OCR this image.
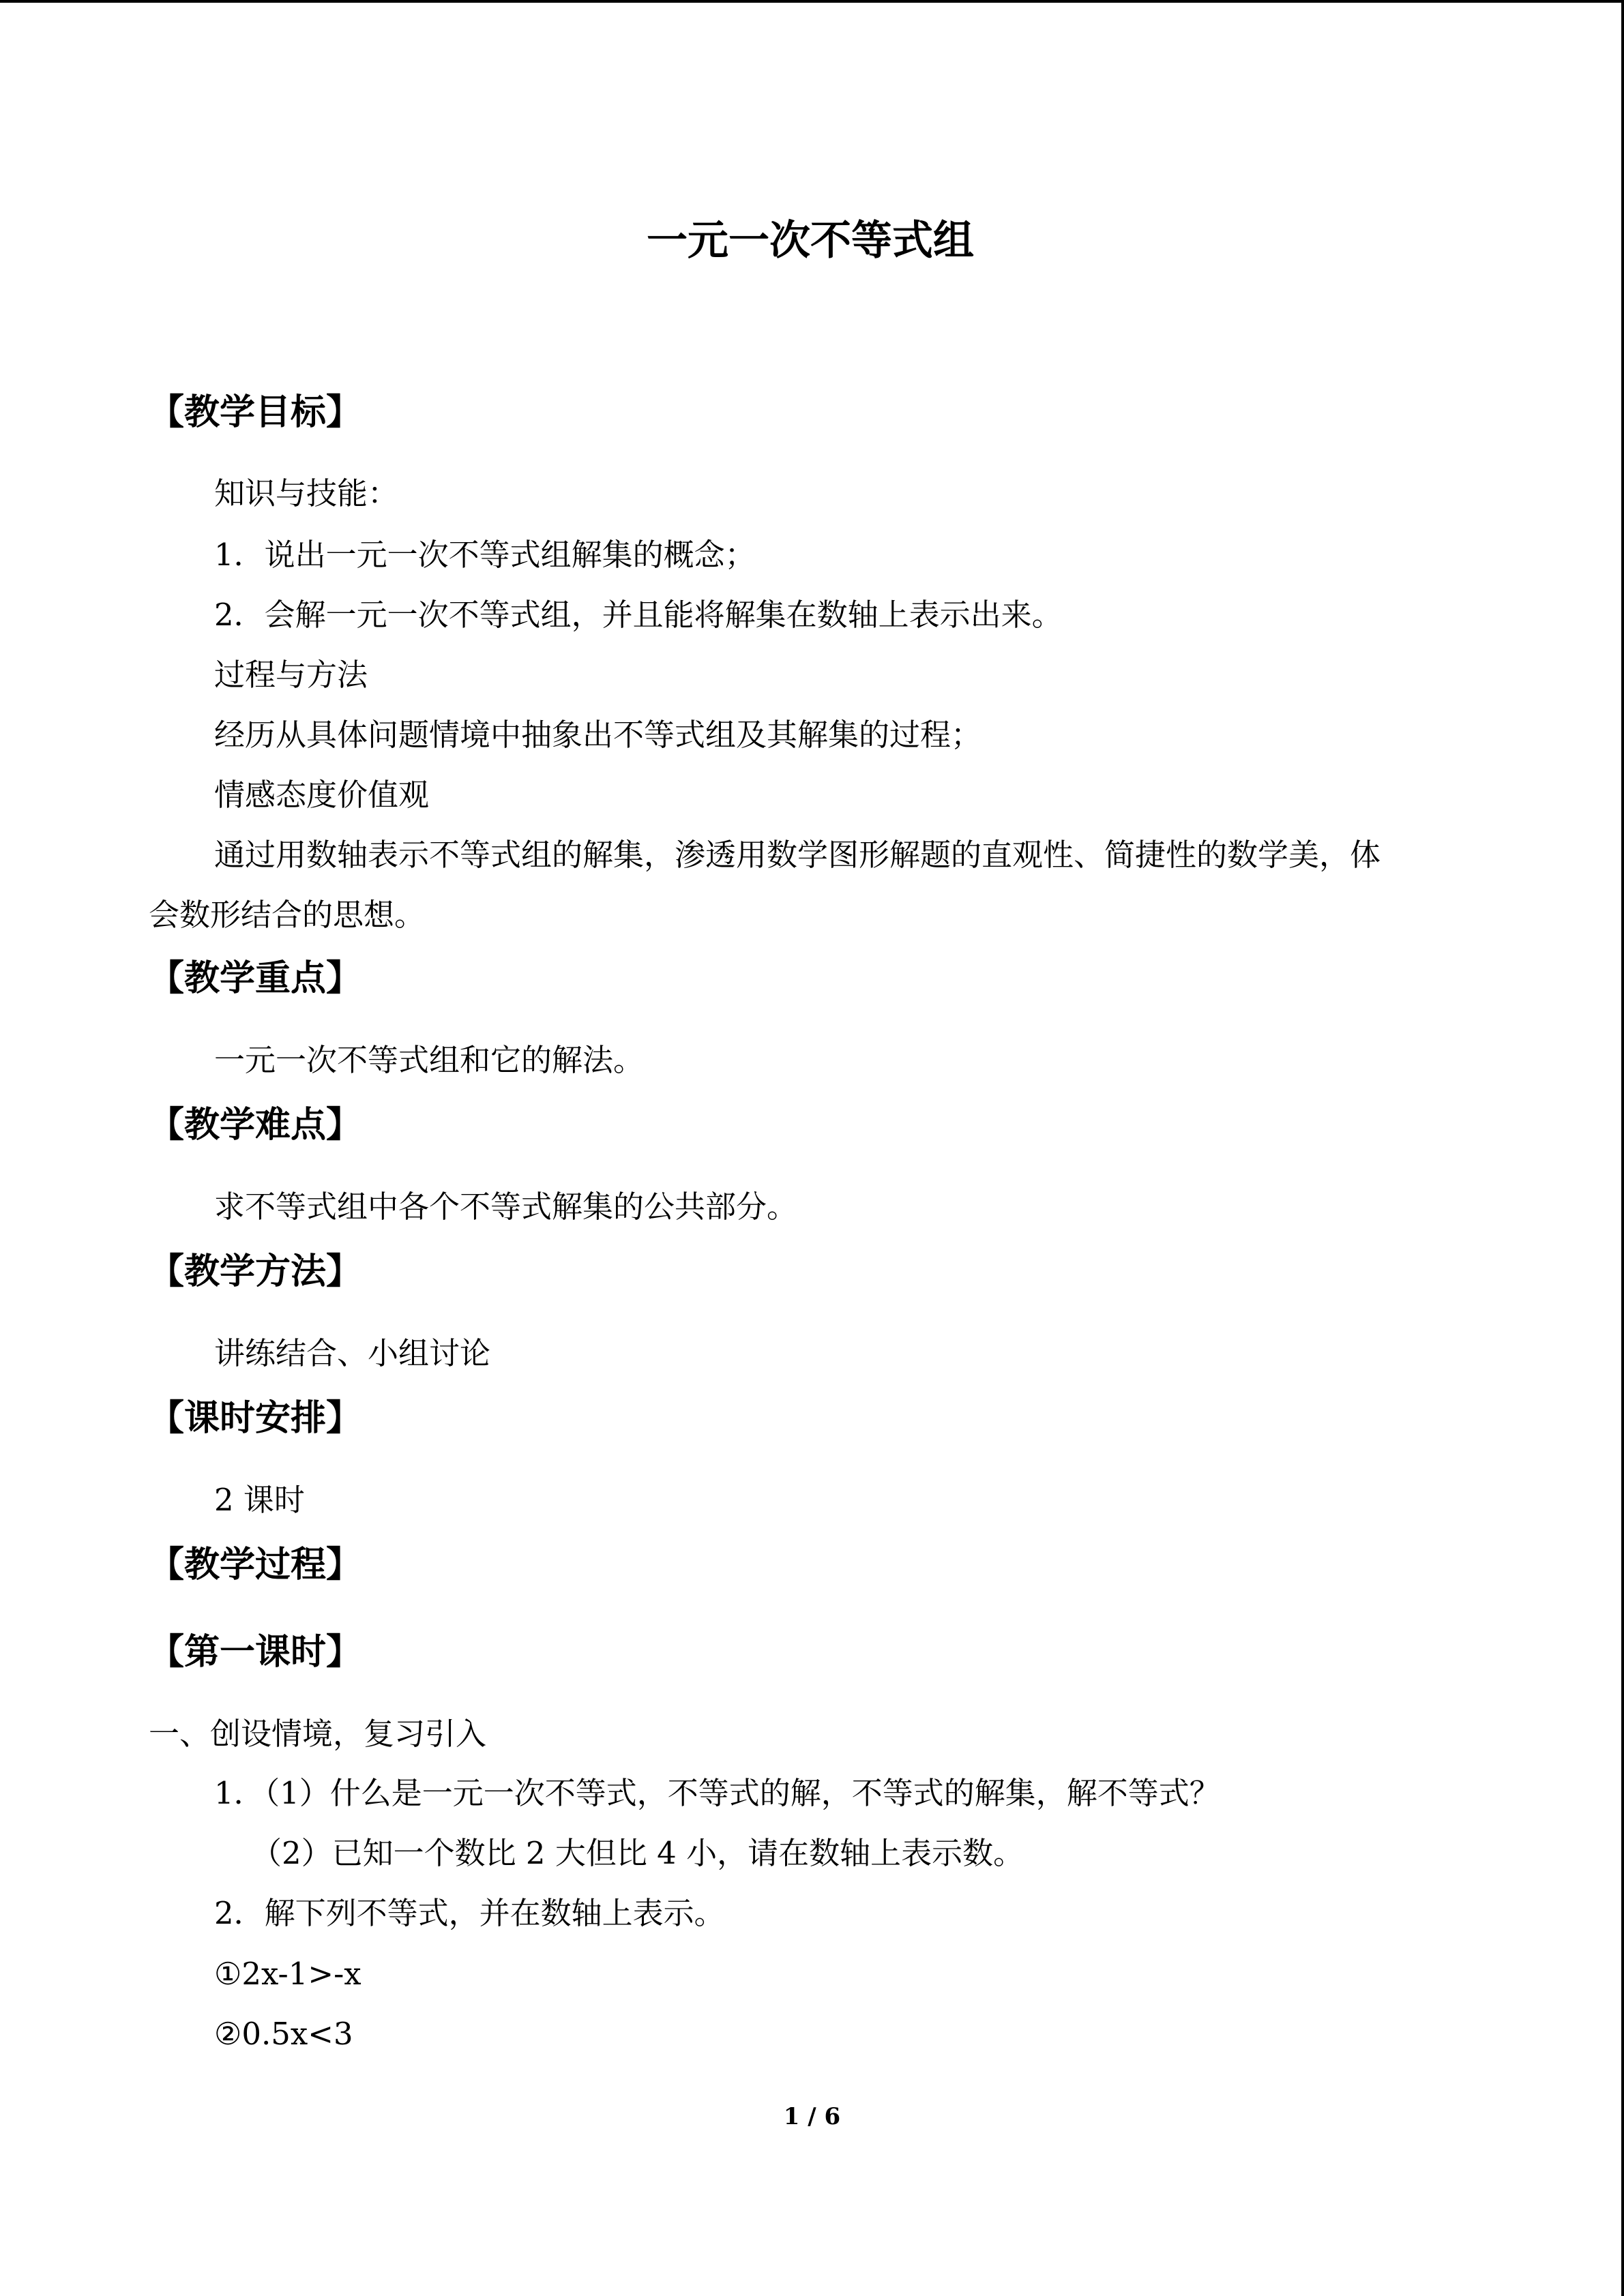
一元一次不等式组
【教学目标】

知识与技能：

1．说出一元一次不等式组解集的概念；

2．会解一元一次不等式组，并且能将解集在数轴上表示出来。

过程与方法

经历从具体问题情境中抽象出不等式组及其解集的过程；

情感态度价值观

通过用数轴表示不等式组的解集，渗透用数学图形解题的直观性、简捷性的数学美，体

会数形结合的思想。

【教学重点】

一元一次不等式组和它的解法。

【教学难点】

求不等式组中各个不等式解集的公共部分。

【教学方法】

讲练结合、小组讨论

【课时安排】

2 课时

【教学过程】
【第一课时】

一、创设情境，复习引入

1．（1）什么是一元一次不等式，不等式的解，不等式的解集，解不等式？

（2）已知一个数比 2 大但比 4 小，请在数轴上表示数。

2．解下列不等式，并在数轴上表示。

①2x-1>-x

②0.5x<3

1 / 6
